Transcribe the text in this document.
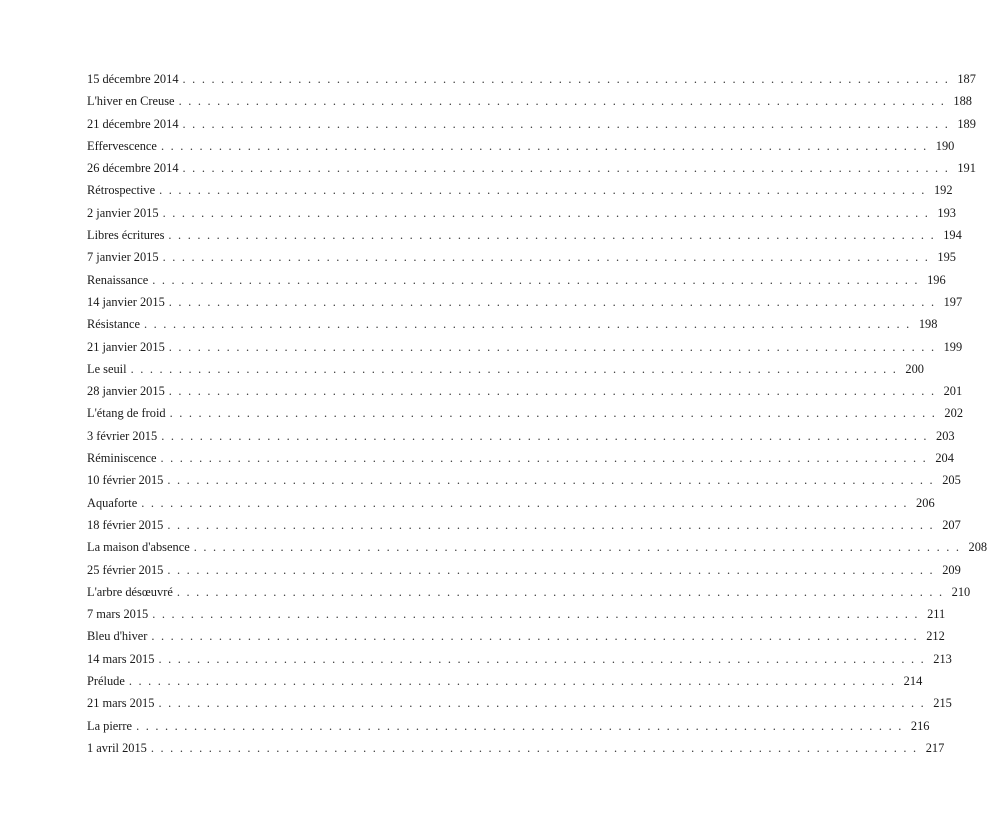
15 décembre 2014 ................................................................................ 187
L'hiver en Creuse ................................................................................ 188
21 décembre 2014 ................................................................................ 189
Effervescence ................................................................................ 190
26 décembre 2014 ................................................................................ 191
Rétrospective ................................................................................ 192
2 janvier 2015 ................................................................................ 193
Libres écritures ................................................................................ 194
7 janvier 2015 ................................................................................ 195
Renaissance ................................................................................ 196
14 janvier 2015 ................................................................................ 197
Résistance ................................................................................ 198
21 janvier 2015 ................................................................................ 199
Le seuil ................................................................................ 200
28 janvier 2015 ................................................................................ 201
L'étang de froid ................................................................................ 202
3 février 2015 ................................................................................ 203
Réminiscence ................................................................................ 204
10 février 2015 ................................................................................ 205
Aquaforte ................................................................................ 206
18 février 2015 ................................................................................ 207
La maison d'absence ................................................................................ 208
25 février 2015 ................................................................................ 209
L'arbre désœuvré ................................................................................ 210
7 mars 2015 ................................................................................ 211
Bleu d'hiver ................................................................................ 212
14 mars 2015 ................................................................................ 213
Prélude ................................................................................ 214
21 mars 2015 ................................................................................ 215
La pierre ................................................................................ 216
1 avril 2015 ................................................................................ 217
